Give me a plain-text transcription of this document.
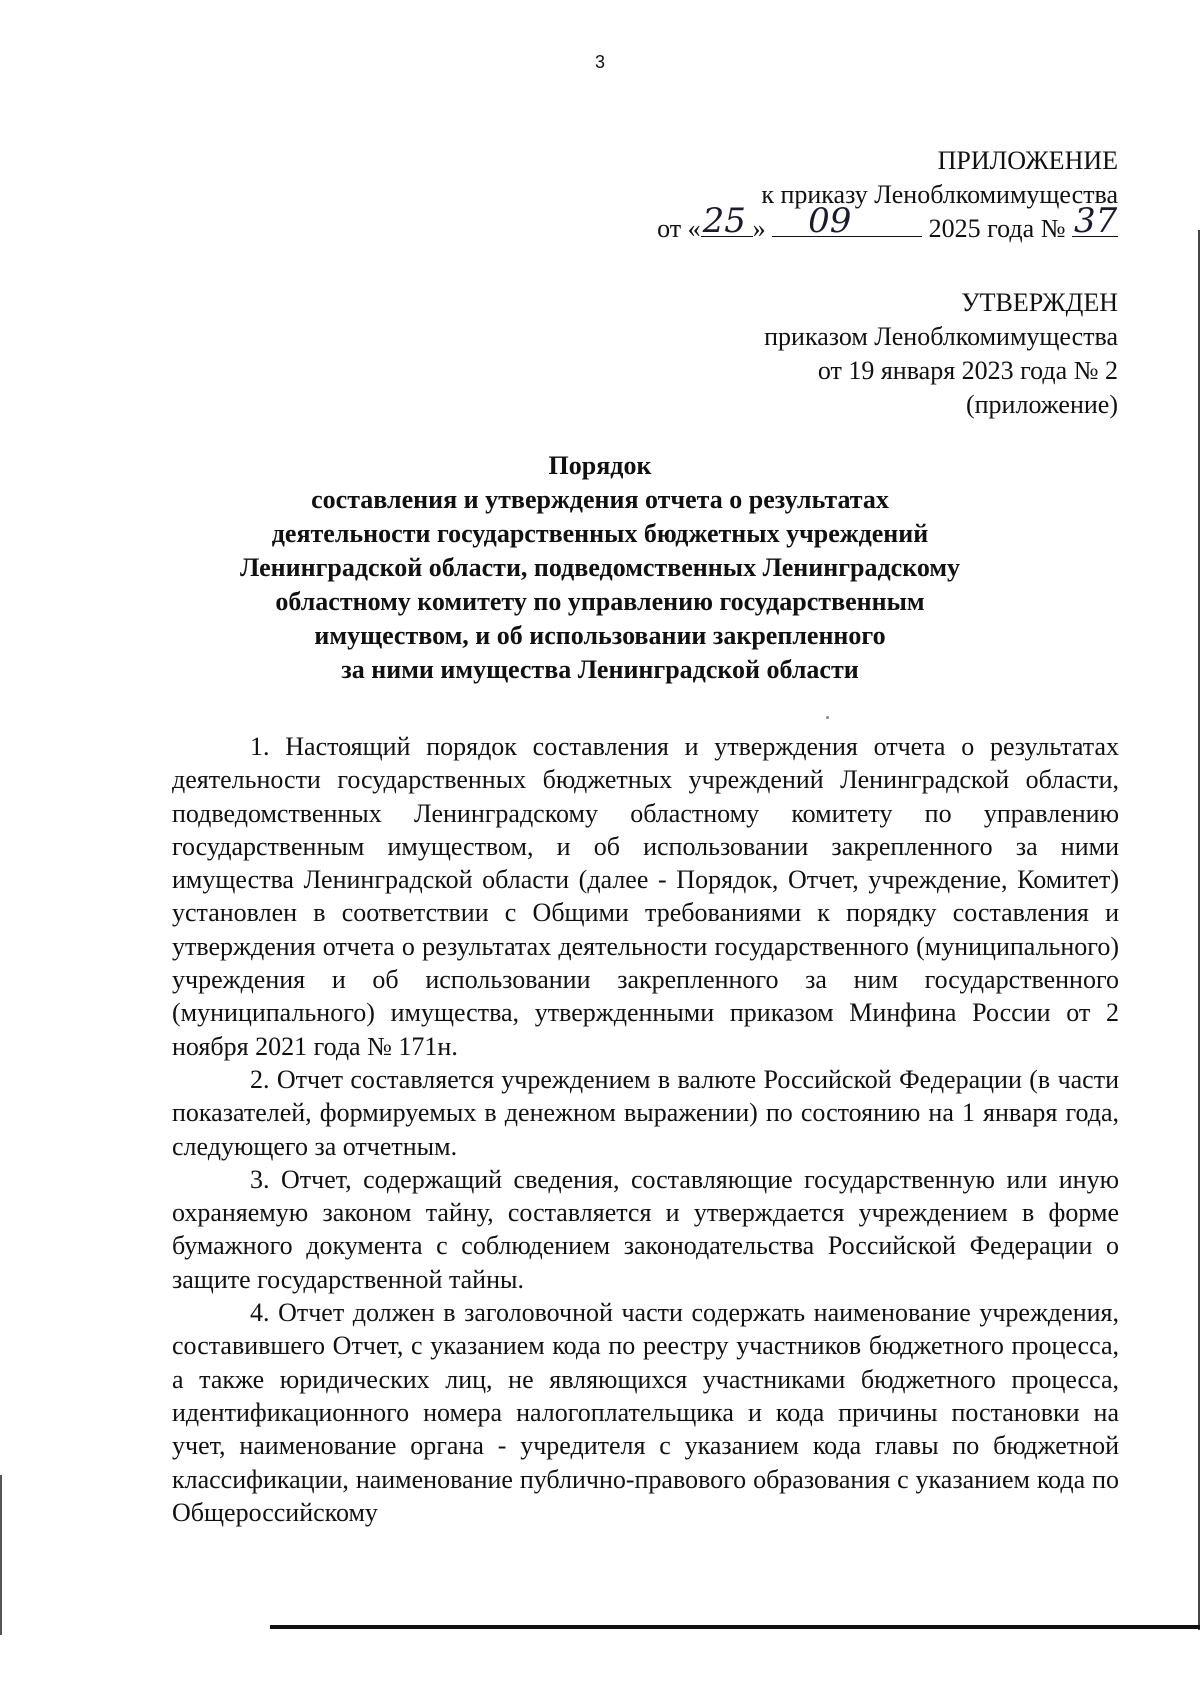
3
ПРИЛОЖЕНИЕ
к приказу Леноблкомимущества
от « 25 » 09	2025 года № 37
УТВЕРЖДЕН
приказом Леноблкомимущества
от 19 января 2023 года № 2
(приложение)
Порядок
составления и утверждения отчета о результатах
деятельности государственных бюджетных учреждений
Ленинградской области, подведомственных Ленинградскому
областному комитету по управлению государственным
имуществом, и об использовании закрепленного
за ними имущества Ленинградской области

1. Настоящий порядок составления и утверждения отчета о результатах деятельности государственных бюджетных учреждений Ленинградской области, подведомственных Ленинградскому областному комитету по управлению государственным имуществом, и об использовании закрепленного за ними имущества Ленинградской области (далее - Порядок, Отчет, учреждение, Комитет) установлен в соответствии с Общими требованиями к порядку составления и утверждения отчета о результатах деятельности государственного (муниципального) учреждения и об использовании закрепленного за ним государственного (муниципального) имущества, утвержденными приказом Минфина России от 2 ноября 2021 года № 171н.

2. Отчет составляется учреждением в валюте Российской Федерации (в части показателей, формируемых в денежном выражении) по состоянию на 1 января года, следующего за отчетным.

3. Отчет, содержащий сведения, составляющие государственную или иную охраняемую законом тайну, составляется и утверждается учреждением в форме бумажного документа с соблюдением законодательства Российской Федерации о защите государственной тайны.

4. Отчет должен в заголовочной части содержать наименование учреждения, составившего Отчет, с указанием кода по реестру участников бюджетного процесса, а также юридических лиц, не являющихся участниками бюджетного процесса, идентификационного номера налогоплательщика и кода причины постановки на учет, наименование органа - учредителя с указанием кода главы по бюджетной классификации, наименование публично-правового образования с указанием кода по Общероссийскому
